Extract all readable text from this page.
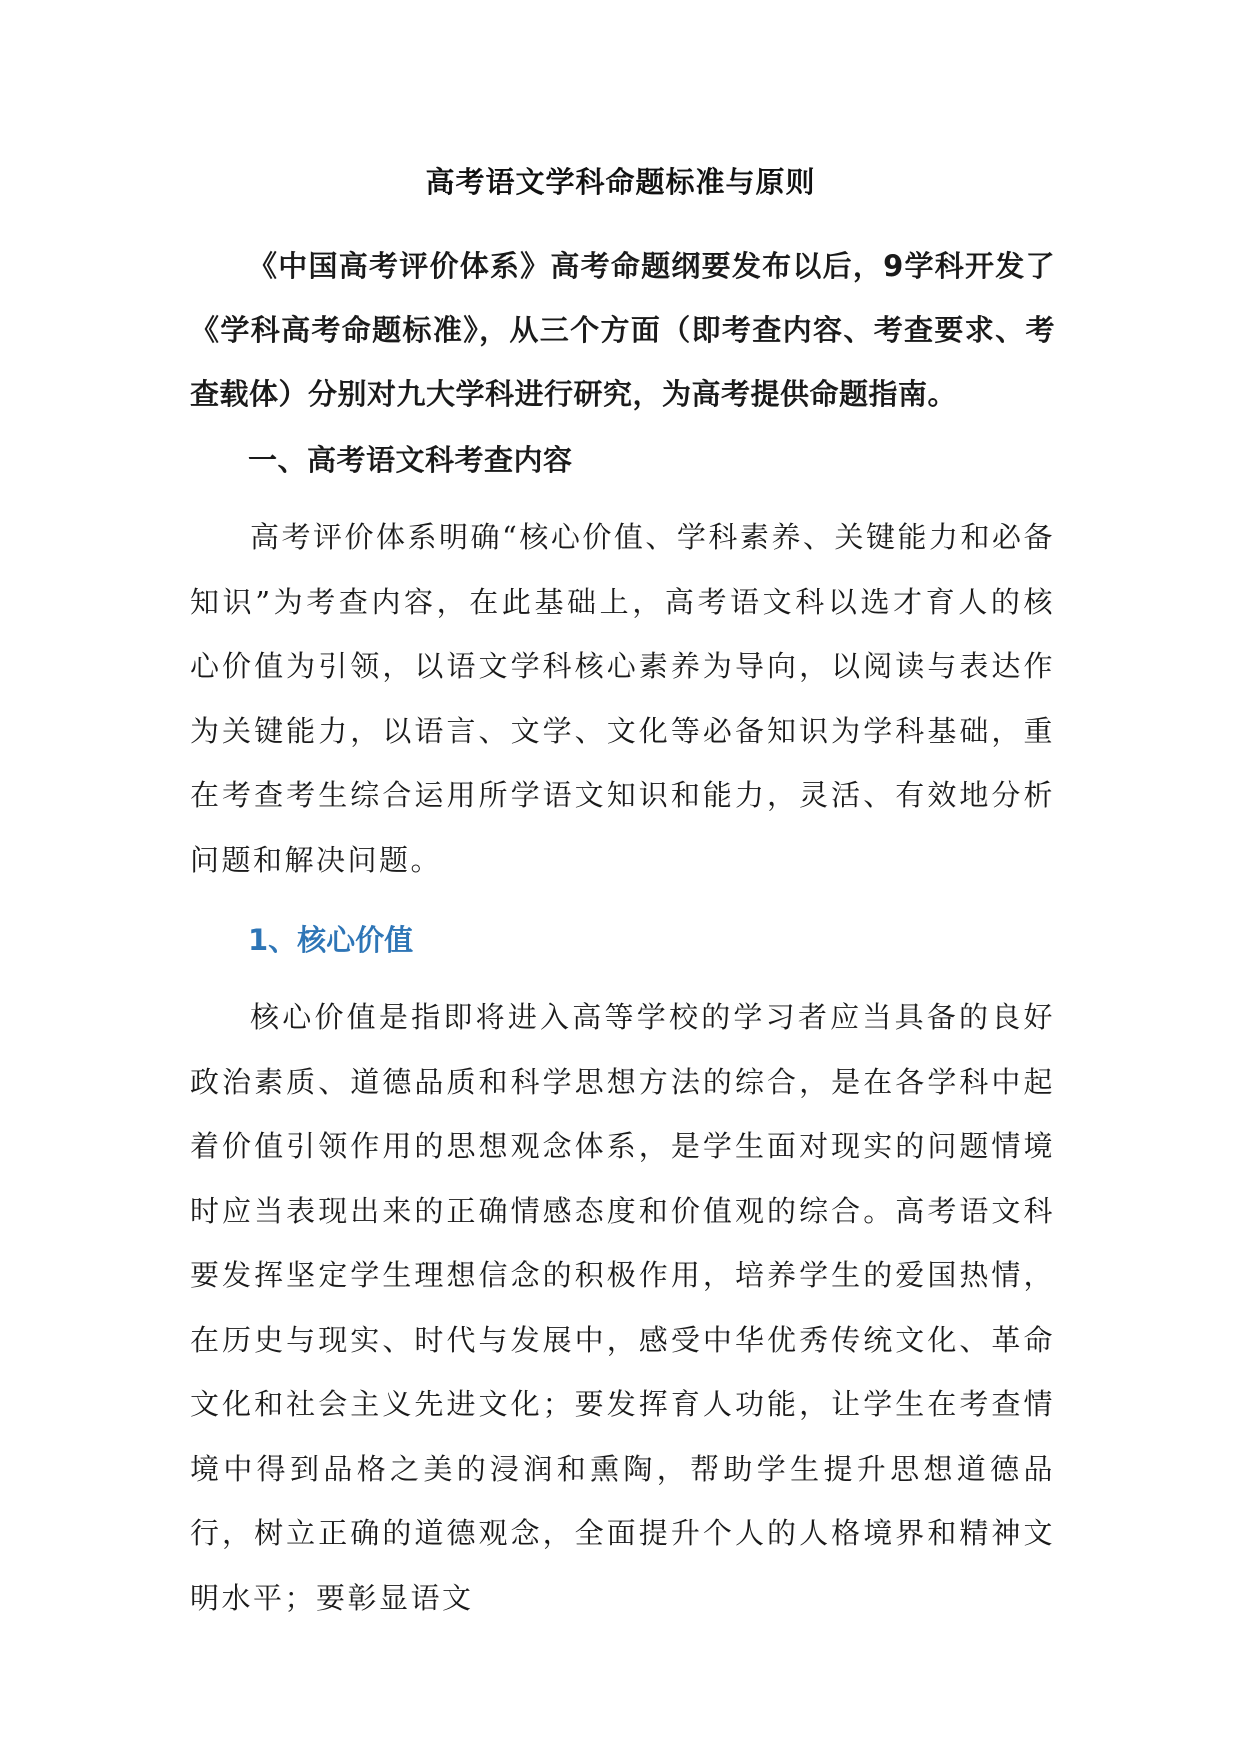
高考语文学科命题标准与原则
《中国高考评价体系》高考命题纲要发布以后，9学科开发了《学科高考命题标准》，从三个方面（即考查内容、考查要求、考查载体）分别对九大学科进行研究，为高考提供命题指南。
一、高考语文科考查内容
高考评价体系明确“核心价值、学科素养、关键能力和必备知识”为考查内容，在此基础上，高考语文科以选才育人的核心价值为引领，以语文学科核心素养为导向，以阅读与表达作为关键能力，以语言、文学、文化等必备知识为学科基础，重在考查考生综合运用所学语文知识和能力，灵活、有效地分析问题和解决问题。
1、核心价值
核心价值是指即将进入高等学校的学习者应当具备的良好政治素质、道德品质和科学思想方法的综合，是在各学科中起着价值引领作用的思想观念体系，是学生面对现实的问题情境时应当表现出来的正确情感态度和价值观的综合。高考语文科要发挥坚定学生理想信念的积极作用，培养学生的爱国热情，在历史与现实、时代与发展中，感受中华优秀传统文化、革命文化和社会主义先进文化；要发挥育人功能，让学生在考查情境中得到品格之美的浸润和熏陶，帮助学生提升思想道德品行，树立正确的道德观念，全面提升个人的人格境界和精神文明水平；要彰显语文
